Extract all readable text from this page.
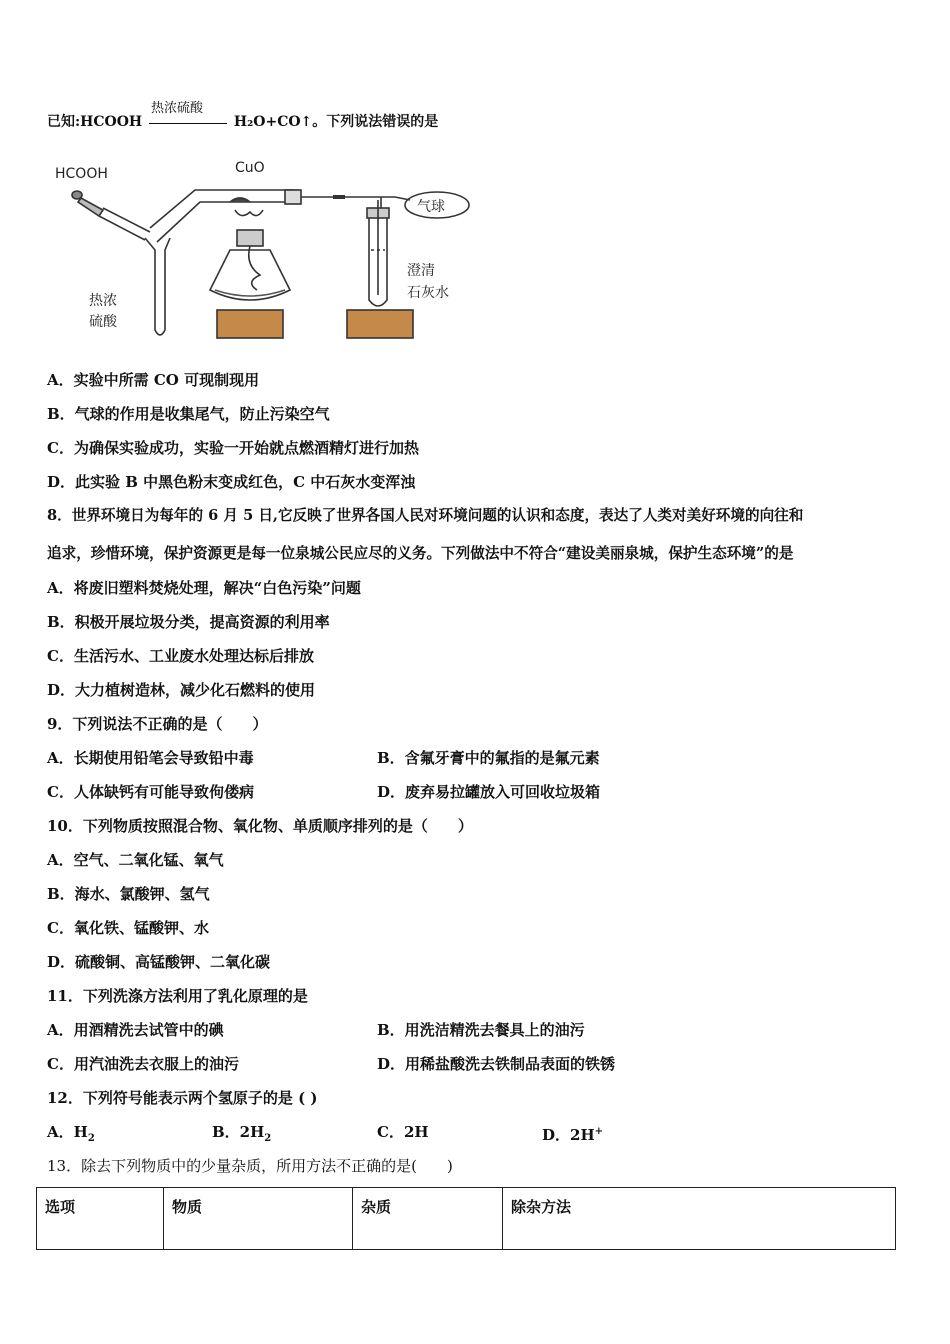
已知:HCOOH
热浓硫酸
H₂O+CO↑。下列说法错误的是
HCOOH	CuO
气球
热浓
硫酸
澄清
石灰水
A．实验中所需 CO 可现制现用
B．气球的作用是收集尾气，防止污染空气
C．为确保实验成功，实验一开始就点燃酒精灯进行加热
D．此实验 B 中黑色粉末变成红色，C 中石灰水变浑浊
8．世界环境日为每年的 6 月 5 日,它反映了世界各国人民对环境问题的认识和态度，表达了人类对美好环境的向往和
追求，珍惜环境，保护资源更是每一位泉城公民应尽的义务。下列做法中不符合“建设美丽泉城，保护生态环境”的是
A．将废旧塑料焚烧处理，解决“白色污染”问题
B．积极开展垃圾分类，提高资源的利用率
C．生活污水、工业废水处理达标后排放
D．大力植树造林，减少化石燃料的使用
9．下列说法不正确的是（　　）
A．长期使用铅笔会导致铅中毒	B．含氟牙膏中的氟指的是氟元素
C．人体缺钙有可能导致佝偻病	D．废弃易拉罐放入可回收垃圾箱
10．下列物质按照混合物、氧化物、单质顺序排列的是（　　）
A．空气、二氧化锰、氧气
B．海水、氯酸钾、氢气
C．氧化铁、锰酸钾、水
D．硫酸铜、高锰酸钾、二氧化碳
11．下列洗涤方法利用了乳化原理的是
A．用酒精洗去试管中的碘	B．用洗洁精洗去餐具上的油污
C．用汽油洗去衣服上的油污	D．用稀盐酸洗去铁制品表面的铁锈
12．下列符号能表示两个氢原子的是 ( )
A．$H_2$	B．$2H_2$	C．2H	D．2H+
13．除去下列物质中的少量杂质，所用方法不正确的是(　　)
选项	物质	杂质	除杂方法
